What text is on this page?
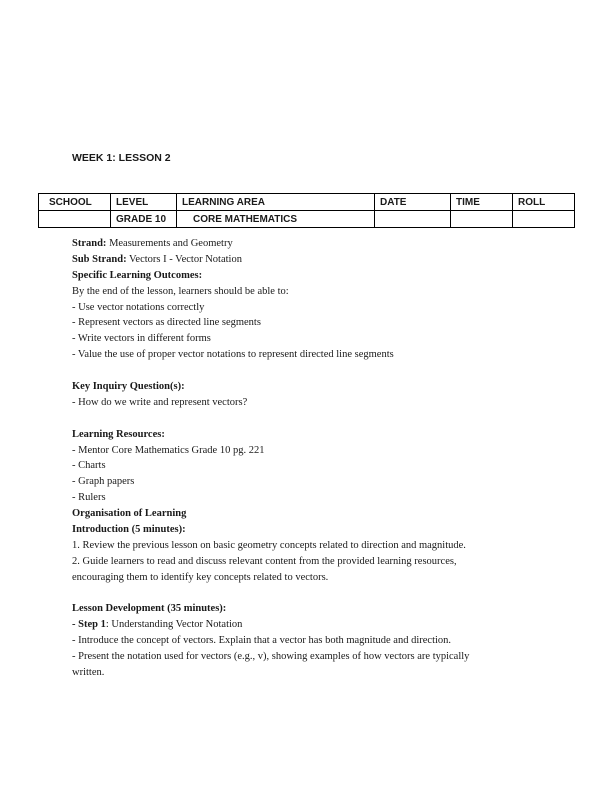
WEEK 1: LESSON 2
SCHOOL	LEVEL	LEARNING AREA	DATE	TIME	ROLL
	GRADE 10	CORE MATHEMATICS			
Strand: Measurements and Geometry
Sub Strand: Vectors I - Vector Notation
Specific Learning Outcomes:
By the end of the lesson, learners should be able to:
- Use vector notations correctly
- Represent vectors as directed line segments
- Write vectors in different forms
- Value the use of proper vector notations to represent directed line segments
Key Inquiry Question(s):
- How do we write and represent vectors?
Learning Resources:
- Mentor Core Mathematics Grade 10 pg. 221
- Charts
- Graph papers
- Rulers
Organisation of Learning
Introduction (5 minutes):
1. Review the previous lesson on basic geometry concepts related to direction and magnitude.
2. Guide learners to read and discuss relevant content from the provided learning resources,
encouraging them to identify key concepts related to vectors.
Lesson Development (35 minutes):
- Step 1: Understanding Vector Notation
- Introduce the concept of vectors. Explain that a vector has both magnitude and direction.
- Present the notation used for vectors (e.g., v), showing examples of how vectors are typically
written.
